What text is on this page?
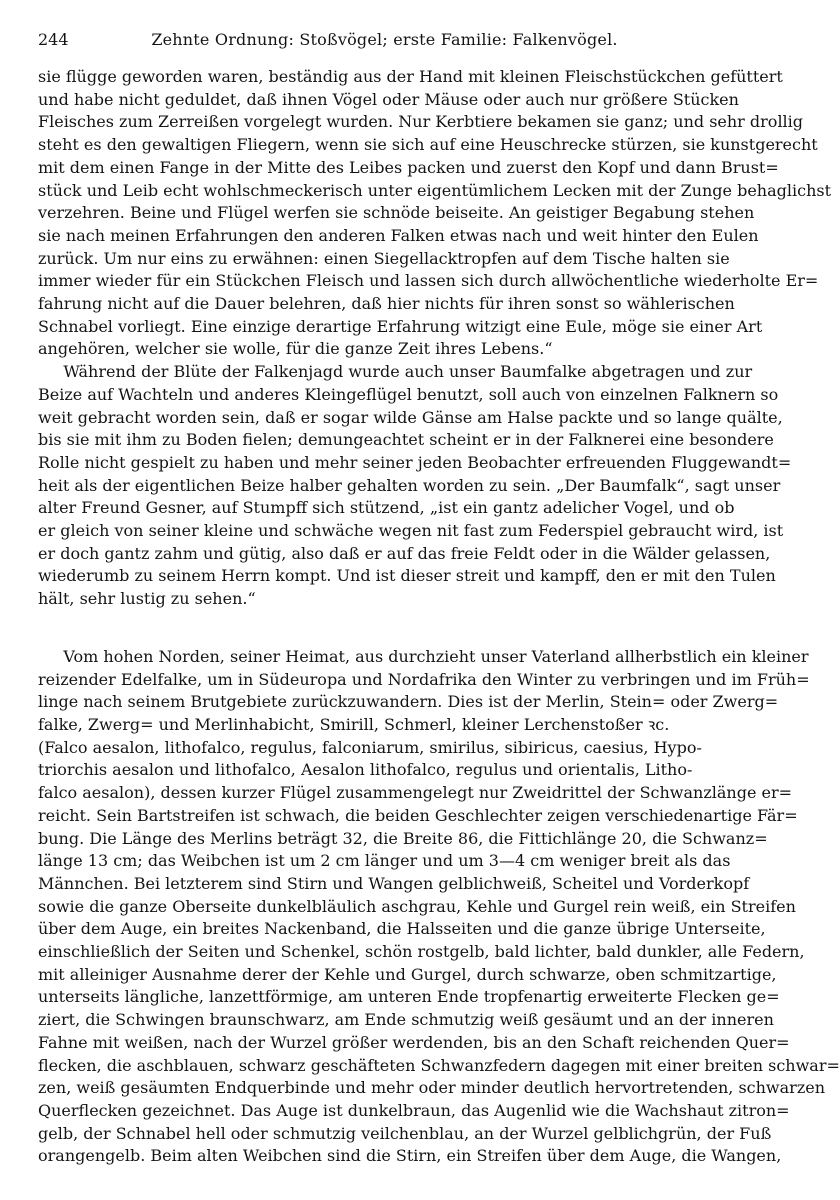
244	Zehnte Ordnung: Stoßvögel; erste Familie: Falkenvögel.
sie flügge geworden waren, beständig aus der Hand mit kleinen Fleischstückchen gefüttert
und habe nicht geduldet, daß ihnen Vögel oder Mäuse oder auch nur größere Stücken
Fleisches zum Zerreißen vorgelegt wurden. Nur Kerbtiere bekamen sie ganz; und sehr drollig
steht es den gewaltigen Fliegern, wenn sie sich auf eine Heuschrecke stürzen, sie kunstgerecht
mit dem einen Fange in der Mitte des Leibes packen und zuerst den Kopf und dann Brust=
stück und Leib echt wohlschmeckerisch unter eigentümlichem Lecken mit der Zunge behaglichst
verzehren. Beine und Flügel werfen sie schnöde beiseite. An geistiger Begabung stehen
sie nach meinen Erfahrungen den anderen Falken etwas nach und weit hinter den Eulen
zurück. Um nur eins zu erwähnen: einen Siegellacktropfen auf dem Tische halten sie
immer wieder für ein Stückchen Fleisch und lassen sich durch allwöchentliche wiederholte Er=
fahrung nicht auf die Dauer belehren, daß hier nichts für ihren sonst so wählerischen
Schnabel vorliegt. Eine einzige derartige Erfahrung witzigt eine Eule, möge sie einer Art
angehören, welcher sie wolle, für die ganze Zeit ihres Lebens.“
Während der Blüte der Falkenjagd wurde auch unser Baumfalke abgetragen und zur
Beize auf Wachteln und anderes Kleingeflügel benutzt, soll auch von einzelnen Falknern so
weit gebracht worden sein, daß er sogar wilde Gänse am Halse packte und so lange quälte,
bis sie mit ihm zu Boden fielen; demungeachtet scheint er in der Falknerei eine besondere
Rolle nicht gespielt zu haben und mehr seiner jeden Beobachter erfreuenden Fluggewandt=
heit als der eigentlichen Beize halber gehalten worden zu sein. „Der Baumfalk“, sagt unser
alter Freund Gesner, auf Stumpff sich stützend, „ist ein gantz adelicher Vogel, und ob
er gleich von seiner kleine und schwäche wegen nit fast zum Federspiel gebraucht wird, ist
er doch gantz zahm und gütig, also daß er auf das freie Feldt oder in die Wälder gelassen,
wiederumb zu seinem Herrn kompt. Und ist dieser streit und kampff, den er mit den Tulen
hält, sehr lustig zu sehen.“
Vom hohen Norden, seiner Heimat, aus durchzieht unser Vaterland allherbstlich ein kleiner
reizender Edelfalke, um in Südeuropa und Nordafrika den Winter zu verbringen und im Früh=
linge nach seinem Brutgebiete zurückzuwandern. Dies ist der Merlin, Stein= oder Zwerg=
falke, Zwerg= und Merlinhabicht, Smirill, Schmerl, kleiner Lerchenstoßer ꝛc.
(Falco aesalon, lithofalco, regulus, falconiarum, smirilus, sibiricus, caesius, Hypo-
triorchis aesalon und lithofalco, Aesalon lithofalco, regulus und orientalis, Litho-
falco aesalon), dessen kurzer Flügel zusammengelegt nur Zweidrittel der Schwanzlänge er=
reicht. Sein Bartstreifen ist schwach, die beiden Geschlechter zeigen verschiedenartige Fär=
bung. Die Länge des Merlins beträgt 32, die Breite 86, die Fittichlänge 20, die Schwanz=
länge 13 cm; das Weibchen ist um 2 cm länger und um 3—4 cm weniger breit als das
Männchen. Bei letzterem sind Stirn und Wangen gelblichweiß, Scheitel und Vorderkopf
sowie die ganze Oberseite dunkelbläulich aschgrau, Kehle und Gurgel rein weiß, ein Streifen
über dem Auge, ein breites Nackenband, die Halsseiten und die ganze übrige Unterseite,
einschließlich der Seiten und Schenkel, schön rostgelb, bald lichter, bald dunkler, alle Federn,
mit alleiniger Ausnahme derer der Kehle und Gurgel, durch schwarze, oben schmitzartige,
unterseits längliche, lanzettförmige, am unteren Ende tropfenartig erweiterte Flecken ge=
ziert, die Schwingen braunschwarz, am Ende schmutzig weiß gesäumt und an der inneren
Fahne mit weißen, nach der Wurzel größer werdenden, bis an den Schaft reichenden Quer=
flecken, die aschblauen, schwarz geschäfteten Schwanzfedern dagegen mit einer breiten schwar=
zen, weiß gesäumten Endquerbinde und mehr oder minder deutlich hervortretenden, schwarzen
Querflecken gezeichnet. Das Auge ist dunkelbraun, das Augenlid wie die Wachshaut zitron=
gelb, der Schnabel hell oder schmutzig veilchenblau, an der Wurzel gelblichgrün, der Fuß
orangengelb. Beim alten Weibchen sind die Stirn, ein Streifen über dem Auge, die Wangen,
